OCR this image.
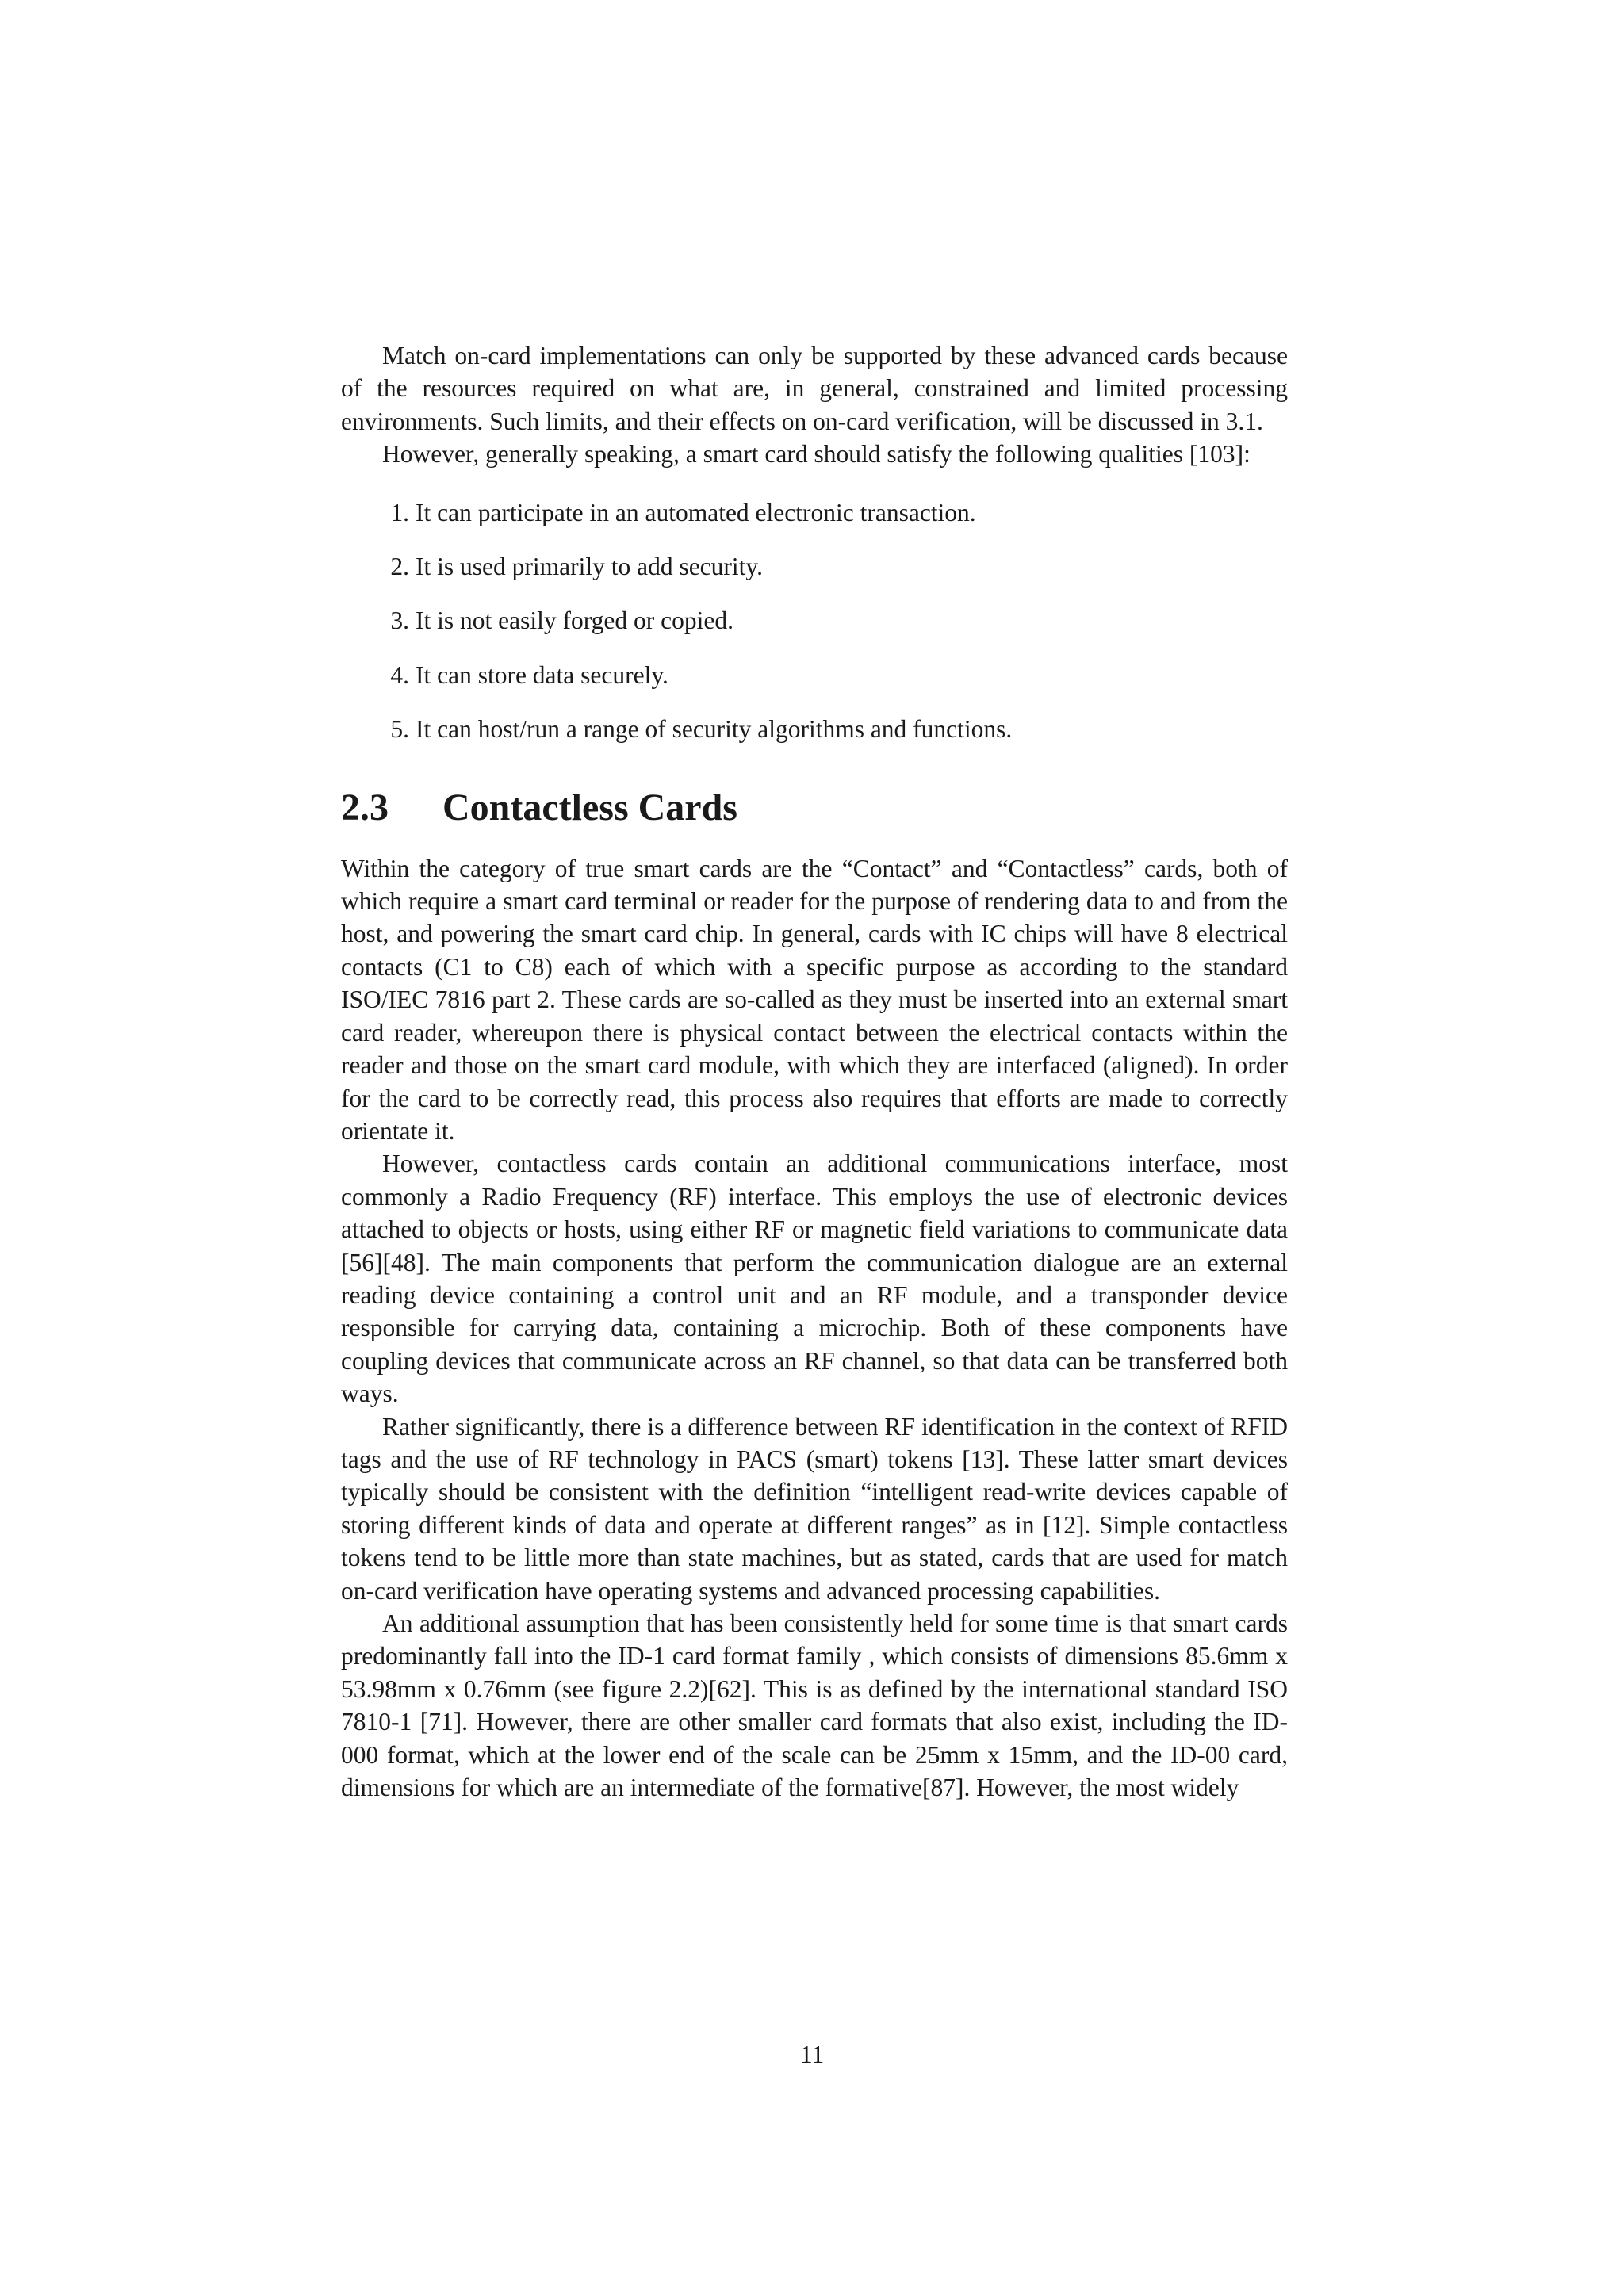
Match on-card implementations can only be supported by these advanced cards because of the resources required on what are, in general, constrained and limited processing environments. Such limits, and their effects on on-card verification, will be discussed in 3.1.

However, generally speaking, a smart card should satisfy the following qualities [103]:

1. It can participate in an automated electronic transaction.
2. It is used primarily to add security.
3. It is not easily forged or copied.
4. It can store data securely.
5. It can host/run a range of security algorithms and functions.
2.3	Contactless Cards

Within the category of true smart cards are the “Contact” and “Contactless” cards, both of which require a smart card terminal or reader for the purpose of rendering data to and from the host, and powering the smart card chip. In general, cards with IC chips will have 8 electrical contacts (C1 to C8) each of which with a specific purpose as according to the standard ISO/IEC 7816 part 2. These cards are so-called as they must be inserted into an external smart card reader, whereupon there is physical contact between the electrical contacts within the reader and those on the smart card module, with which they are interfaced (aligned). In order for the card to be correctly read, this process also requires that efforts are made to correctly orientate it.

However, contactless cards contain an additional communications interface, most commonly a Radio Frequency (RF) interface. This employs the use of electronic devices attached to objects or hosts, using either RF or magnetic field variations to communicate data [56][48]. The main components that perform the communication dialogue are an external reading device containing a control unit and an RF module, and a transponder device responsible for carrying data, containing a microchip. Both of these components have coupling devices that communicate across an RF channel, so that data can be transferred both ways.

Rather significantly, there is a difference between RF identification in the context of RFID tags and the use of RF technology in PACS (smart) tokens [13]. These latter smart devices typically should be consistent with the definition “intelligent read-write devices capable of storing different kinds of data and operate at different ranges” as in [12]. Simple contactless tokens tend to be little more than state machines, but as stated, cards that are used for match on-card verification have operating systems and advanced processing capabilities.

An additional assumption that has been consistently held for some time is that smart cards predominantly fall into the ID-1 card format family , which consists of dimensions 85.6mm x 53.98mm x 0.76mm (see figure 2.2)[62]. This is as defined by the international standard ISO 7810-1 [71]. However, there are other smaller card formats that also exist, including the ID-000 format, which at the lower end of the scale can be 25mm x 15mm, and the ID-00 card, dimensions for which are an intermediate of the formative[87]. However, the most widely

11
